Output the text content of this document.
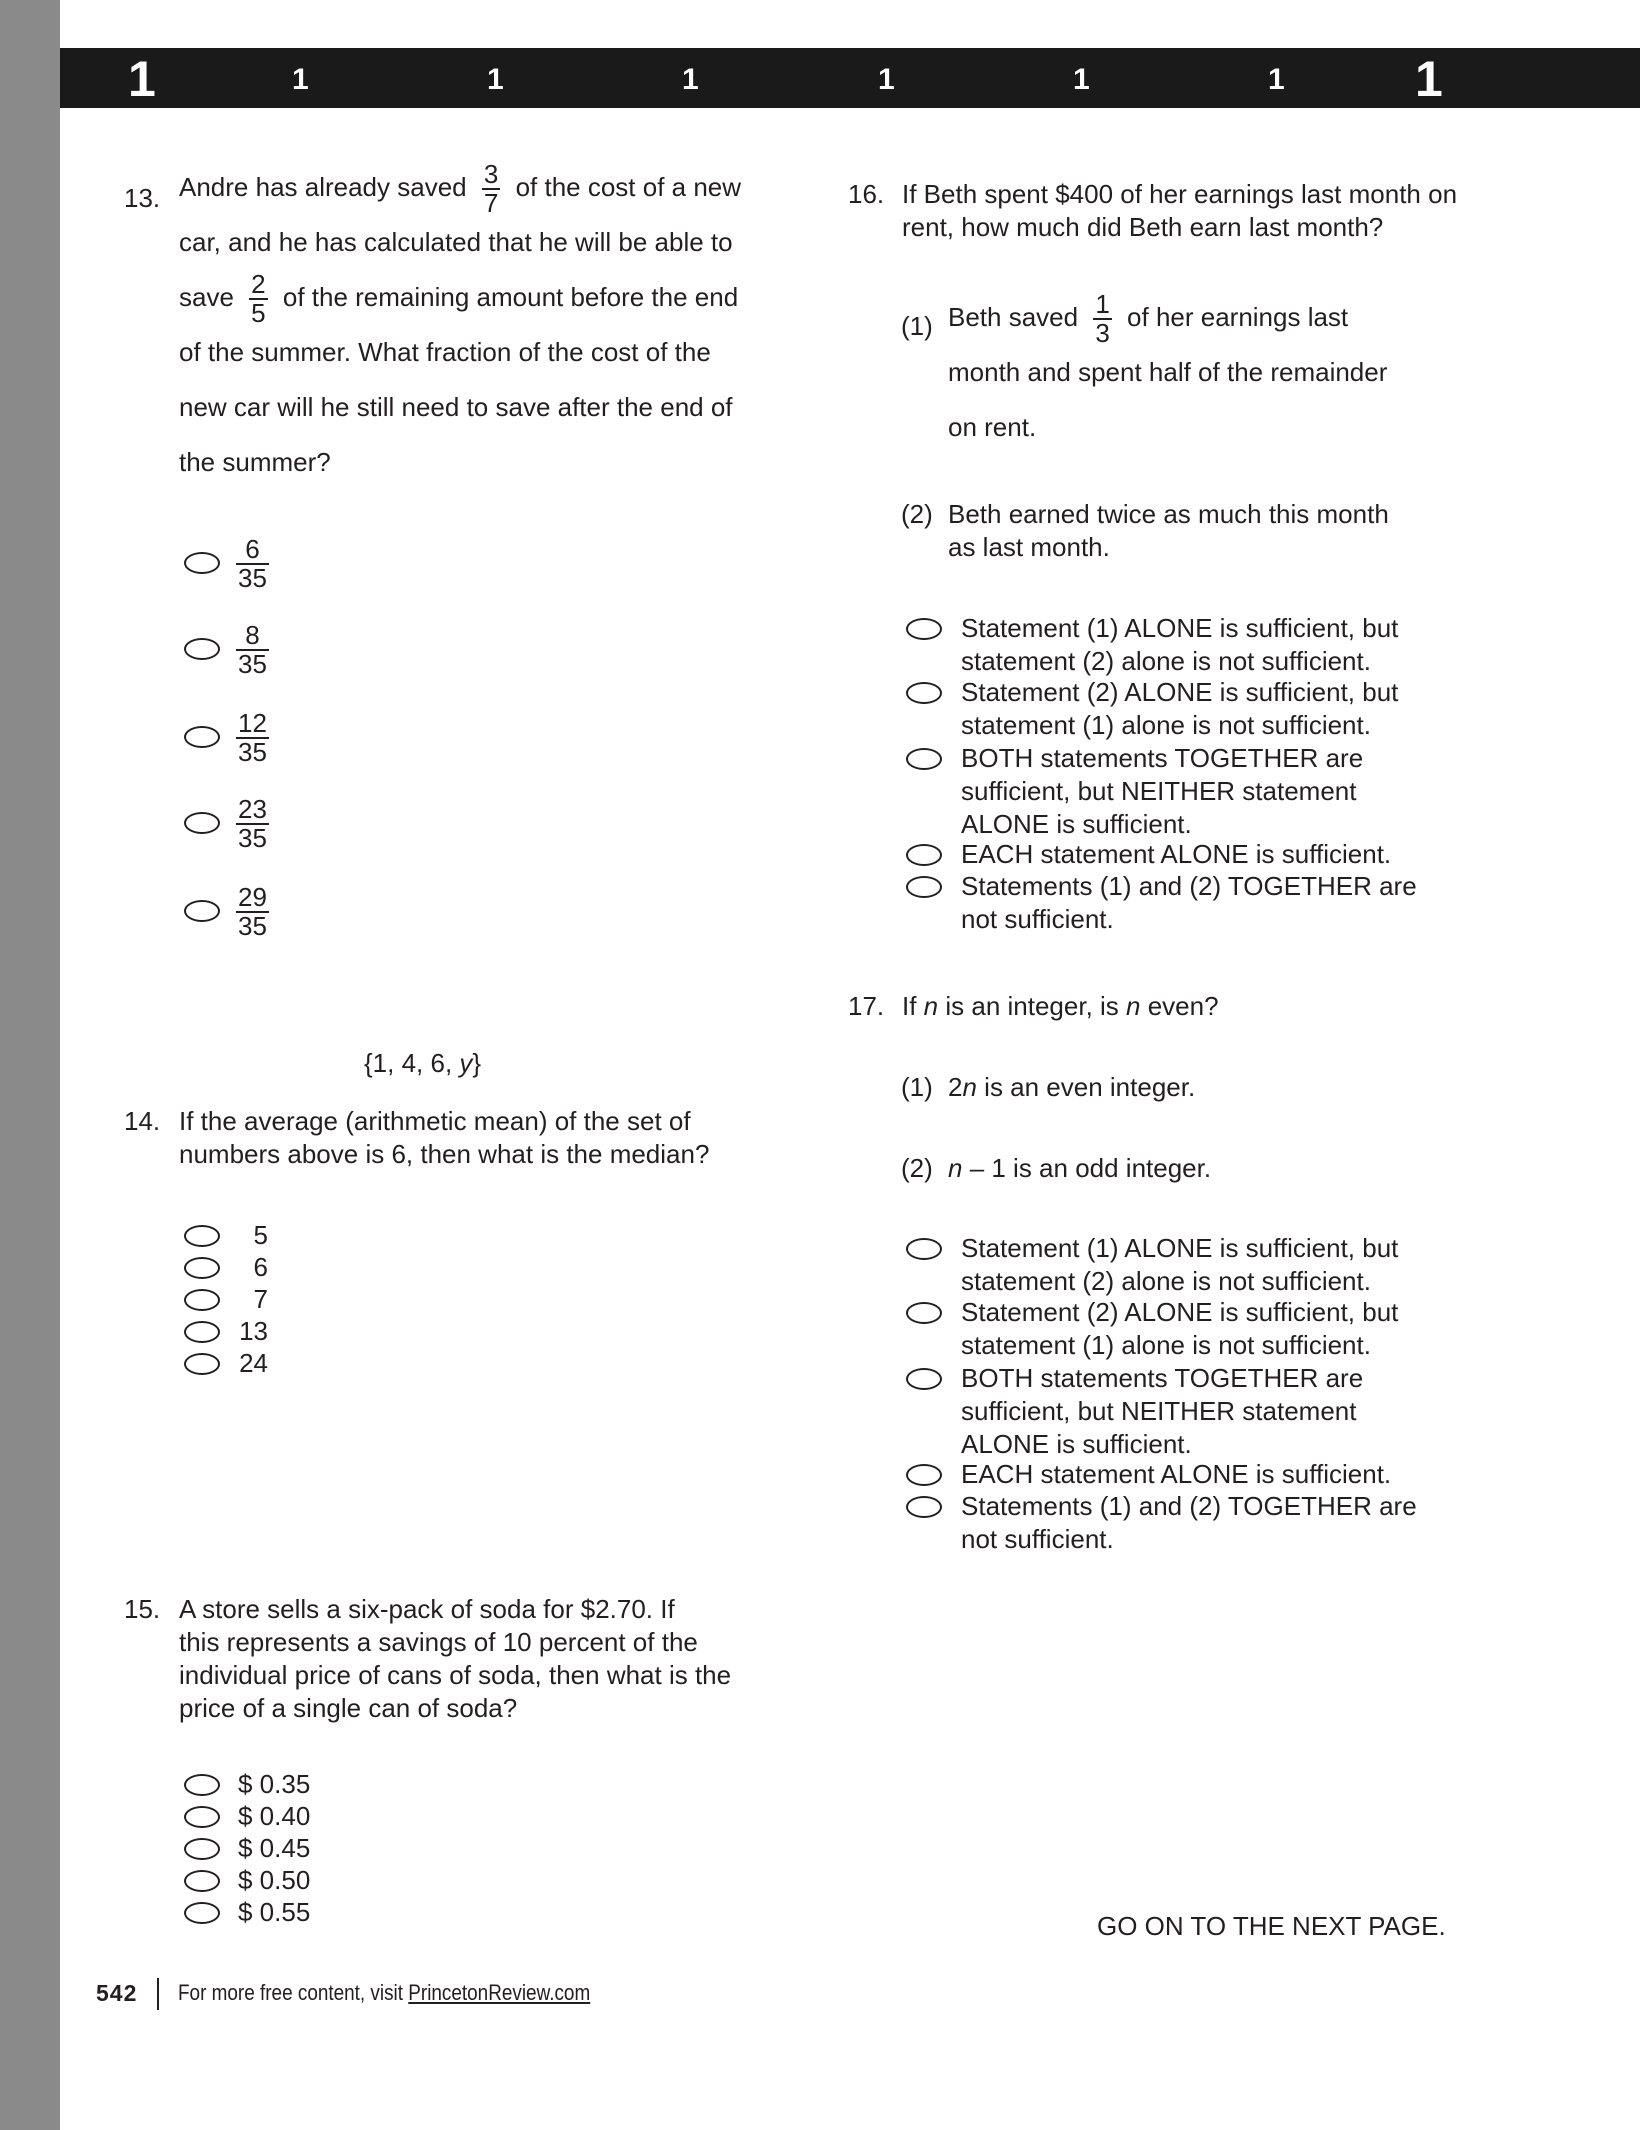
1	1	1	1	1	1	1	1
13. Andre has already saved $\frac{3}{7}$ of the cost of a new
car, and he has calculated that he will be able to
save $\frac{2}{5}$ of the remaining amount before the end
of the summer. What fraction of the cost of the
new car will he still need to save after the end of
the summer?
$\frac{6}{35}$
$\frac{8}{35}$
$\frac{12}{35}$
$\frac{23}{35}$
$\frac{29}{35}$
{1, 4, 6, y}
14. If the average (arithmetic mean) of the set of
numbers above is 6, then what is the median?
5
6
7
13
24
15. A store sells a six-pack of soda for $2.70. If
this represents a savings of 10 percent of the
individual price of cans of soda, then what is the
price of a single can of soda?
$ 0.35
$ 0.40
$ 0.45
$ 0.50
$ 0.55
16. If Beth spent $400 of her earnings last month on
rent, how much did Beth earn last month?
(1) Beth saved $\frac{1}{3}$ of her earnings last
month and spent half of the remainder
on rent.
(2) Beth earned twice as much this month
as last month.
Statement (1) ALONE is sufficient, but
statement (2) alone is not sufficient.
Statement (2) ALONE is sufficient, but
statement (1) alone is not sufficient.
BOTH statements TOGETHER are
sufficient, but NEITHER statement
ALONE is sufficient.
EACH statement ALONE is sufficient.
Statements (1) and (2) TOGETHER are
not sufficient.
17. If n is an integer, is n even?
(1) 2n is an even integer.
(2) n – 1 is an odd integer.
Statement (1) ALONE is sufficient, but
statement (2) alone is not sufficient.
Statement (2) ALONE is sufficient, but
statement (1) alone is not sufficient.
BOTH statements TOGETHER are
sufficient, but NEITHER statement
ALONE is sufficient.
EACH statement ALONE is sufficient.
Statements (1) and (2) TOGETHER are
not sufficient.
GO ON TO THE NEXT PAGE.
542 For more free content, visit PrincetonReview.com
